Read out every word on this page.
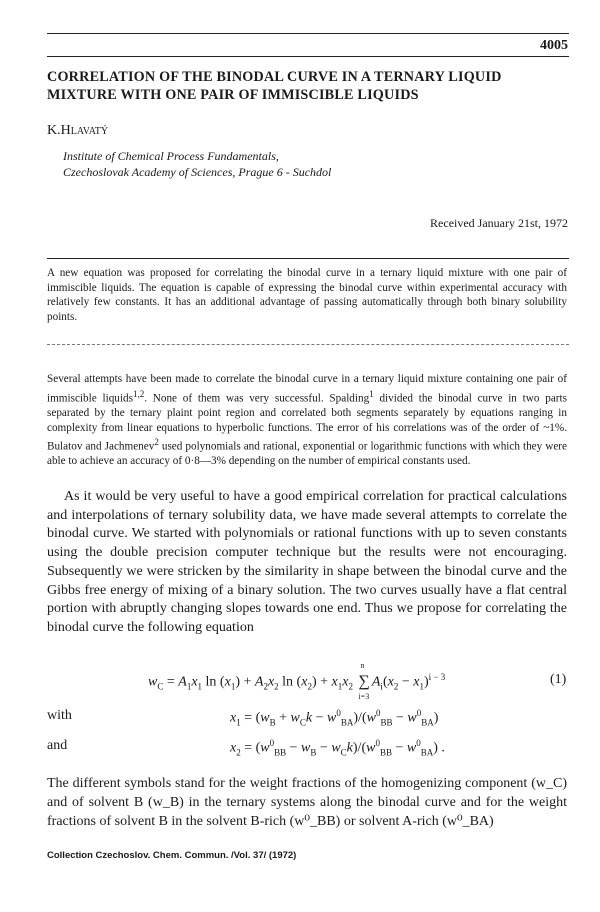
4005
CORRELATION OF THE BINODAL CURVE IN A TERNARY LIQUID MIXTURE WITH ONE PAIR OF IMMISCIBLE LIQUIDS
K.Hlavatý
Institute of Chemical Process Fundamentals,
Czechoslovak Academy of Sciences, Prague 6 - Suchdol
Received January 21st, 1972

A new equation was proposed for correlating the binodal curve in a ternary liquid mixture with one pair of immiscible liquids. The equation is capable of expressing the binodal curve within experimental accuracy with relatively few constants. It has an additional advantage of passing automatically through both binary solubility points.

Several attempts have been made to correlate the binodal curve in a ternary liquid mixture containing one pair of immiscible liquids$^{1,2}$. None of them was very successful. Spalding$^1$ divided the binodal curve in two parts separated by the ternary plaint point region and correlated both segments separately by equations ranging in complexity from linear equations to hyperbolic functions. The error of his correlations was of the order of ~1%. Bulatov and Jachmenev$^2$ used polynomials and rational, exponential or logarithmic functions with which they were able to achieve an accuracy of 0·8—3% depending on the number of empirical constants used.

As it would be very useful to have a good empirical correlation for practical calculations and interpolations of ternary solubility data, we have made several attempts to correlate the binodal curve. We started with polynomials or rational functions with up to seven constants using the double precision computer technique but the results were not encouraging. Subsequently we were stricken by the similarity in shape between the binodal curve and the Gibbs free energy of mixing of a binary solution. The two curves usually have a flat central portion with abruptly changing slopes towards one end. Thus we propose for correlating the binodal curve the following equation

$w_C = A_1x_1$ $\ln (x_1) + A_2x_2$ $\ln (x_2) + x_1x_2$ ∑
n
i=3
$A_i(x_2 - x_1)^{i - 3}$	(1)
with	$x_1 = (w_B + w_Ck - w^0_{BA})/(w^0_{BB} - w^0_{BA})$
and	$x_2 = (w^0_{BB} - w_B - w_Ck)/(w^0_{BB} - w^0_{BA})$ .

The different symbols stand for the weight fractions of the homogenizing component (w_C) and of solvent B (w_B) in the ternary systems along the binodal curve and for the weight fractions of solvent B in the solvent B-rich (w⁰_BB) or solvent A-rich (w⁰_BA)

Collection Czechoslov. Chem. Commun. /Vol. 37/ (1972)
